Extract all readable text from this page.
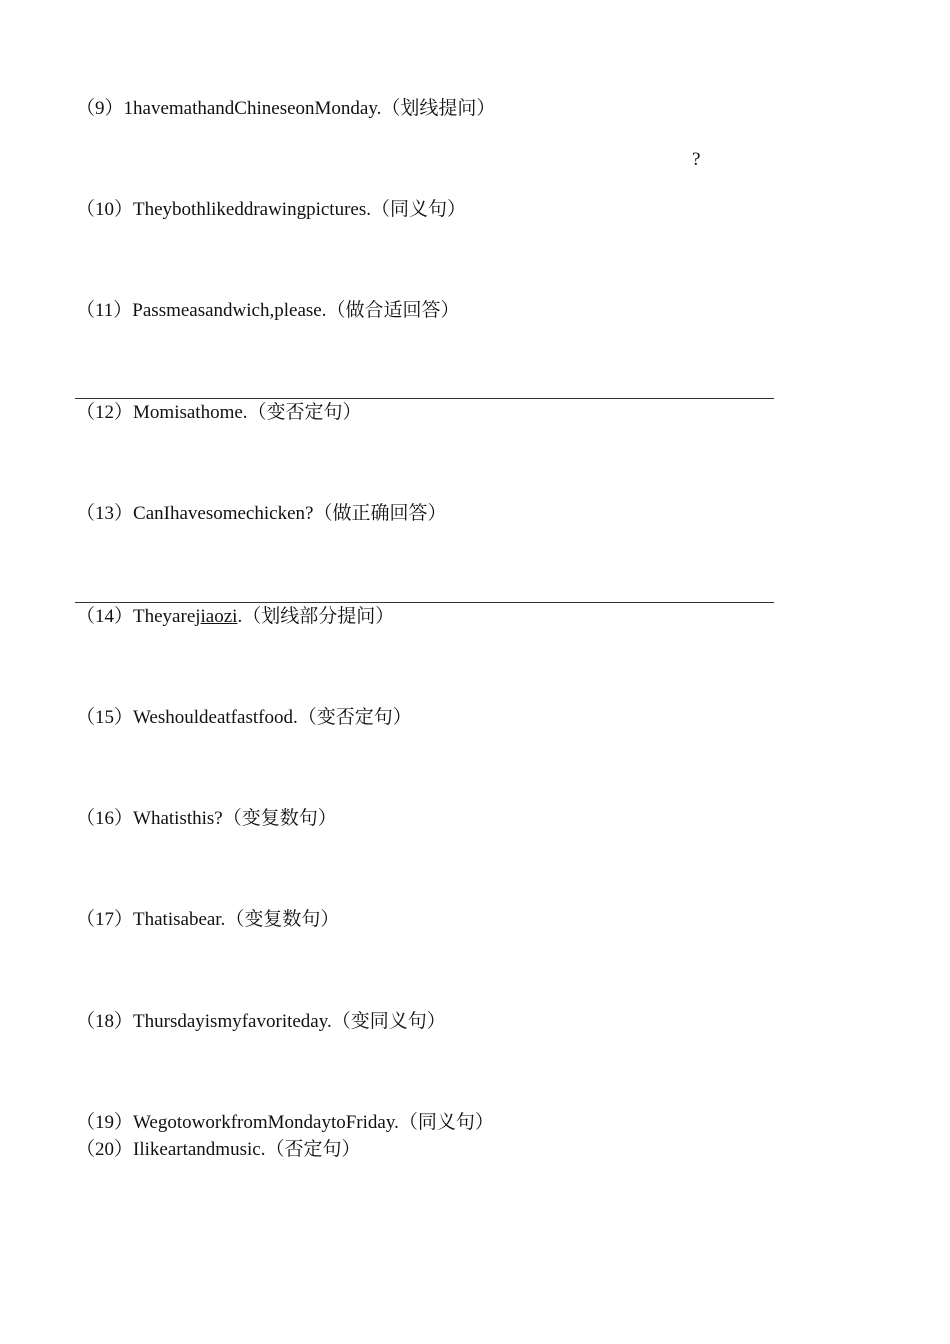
（9）1havemathandChineseonMonday.（划线提问）
?
（10）Theybothlikeddrawingpictures.（同义句）
（11）Passmeasandwich,please.（做合适回答）
（12）Momisathome.（变否定句）
（13）CanIhavesomechicken?（做正确回答）
（14）Theyarejiaozi.（划线部分提问）
（15）Weshouldeatfastfood.（变否定句）
（16）Whatisthis?（变复数句）
（17）Thatisabear.（变复数句）
（18）Thursdayismyfavoriteday.（变同义句）
（19）WegotoworkfromMondaytoFriday.（同义句）
（20）Ilikeartandmusic.（否定句）
